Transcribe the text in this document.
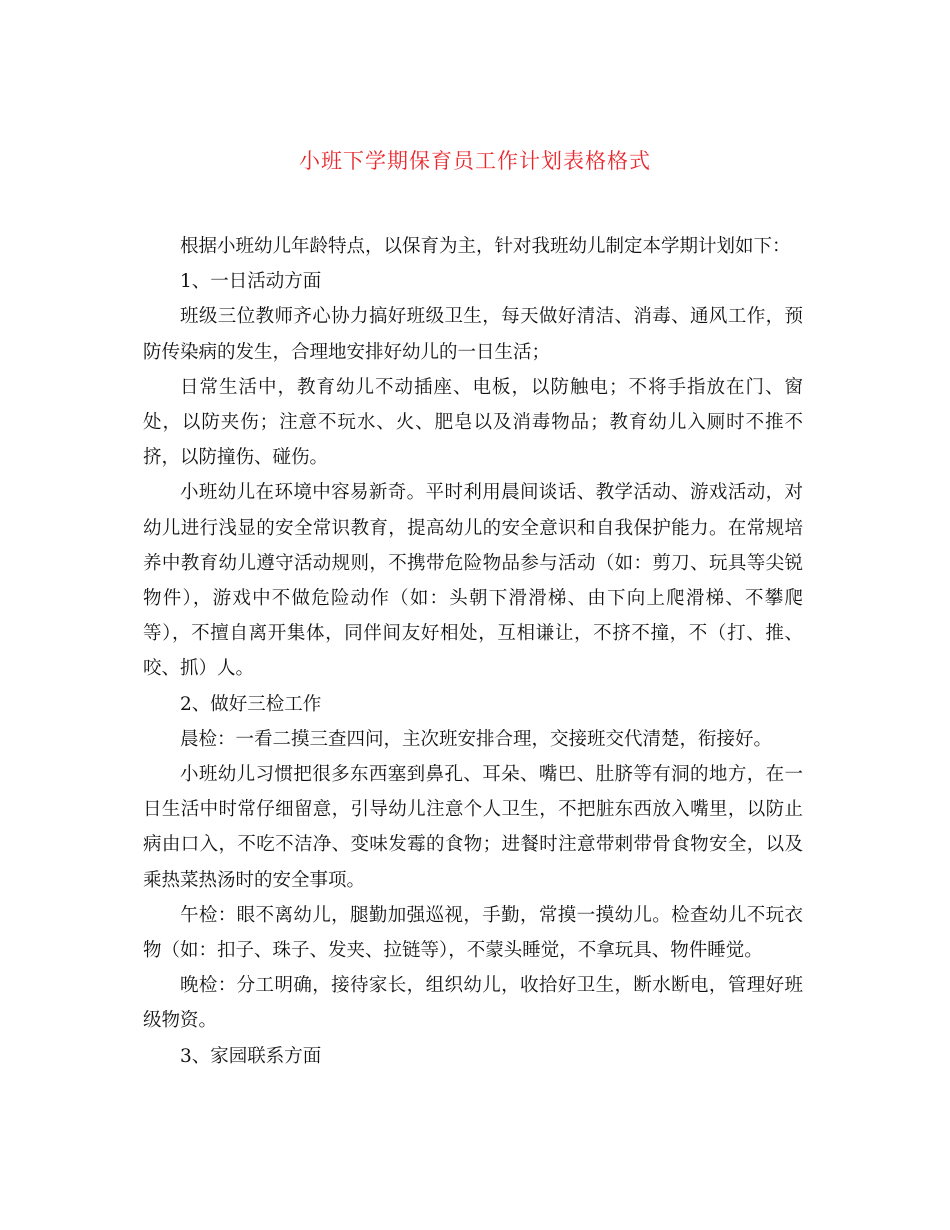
小班下学期保育员工作计划表格格式

根据小班幼儿年龄特点，以保育为主，针对我班幼儿制定本学期计划如下：

1、一日活动方面

班级三位教师齐心协力搞好班级卫生，每天做好清洁、消毒、通风工作，预防传染病的发生，合理地安排好幼儿的一日生活；

日常生活中，教育幼儿不动插座、电板，以防触电；不将手指放在门、窗处，以防夹伤；注意不玩水、火、肥皂以及消毒物品；教育幼儿入厕时不推不挤，以防撞伤、碰伤。

小班幼儿在环境中容易新奇。平时利用晨间谈话、教学活动、游戏活动，对幼儿进行浅显的安全常识教育，提高幼儿的安全意识和自我保护能力。在常规培养中教育幼儿遵守活动规则，不携带危险物品参与活动（如：剪刀、玩具等尖锐物件），游戏中不做危险动作（如：头朝下滑滑梯、由下向上爬滑梯、不攀爬等），不擅自离开集体，同伴间友好相处，互相谦让，不挤不撞，不（打、推、咬、抓）人。

2、做好三检工作

晨检：一看二摸三查四问，主次班安排合理，交接班交代清楚，衔接好。

小班幼儿习惯把很多东西塞到鼻孔、耳朵、嘴巴、肚脐等有洞的地方，在一日生活中时常仔细留意，引导幼儿注意个人卫生，不把脏东西放入嘴里，以防止病由口入，不吃不洁净、变味发霉的食物；进餐时注意带刺带骨食物安全，以及乘热菜热汤时的安全事项。

午检：眼不离幼儿，腿勤加强巡视，手勤，常摸一摸幼儿。检查幼儿不玩衣物（如：扣子、珠子、发夹、拉链等），不蒙头睡觉，不拿玩具、物件睡觉。

晚检：分工明确，接待家长，组织幼儿，收拾好卫生，断水断电，管理好班级物资。

3、家园联系方面
